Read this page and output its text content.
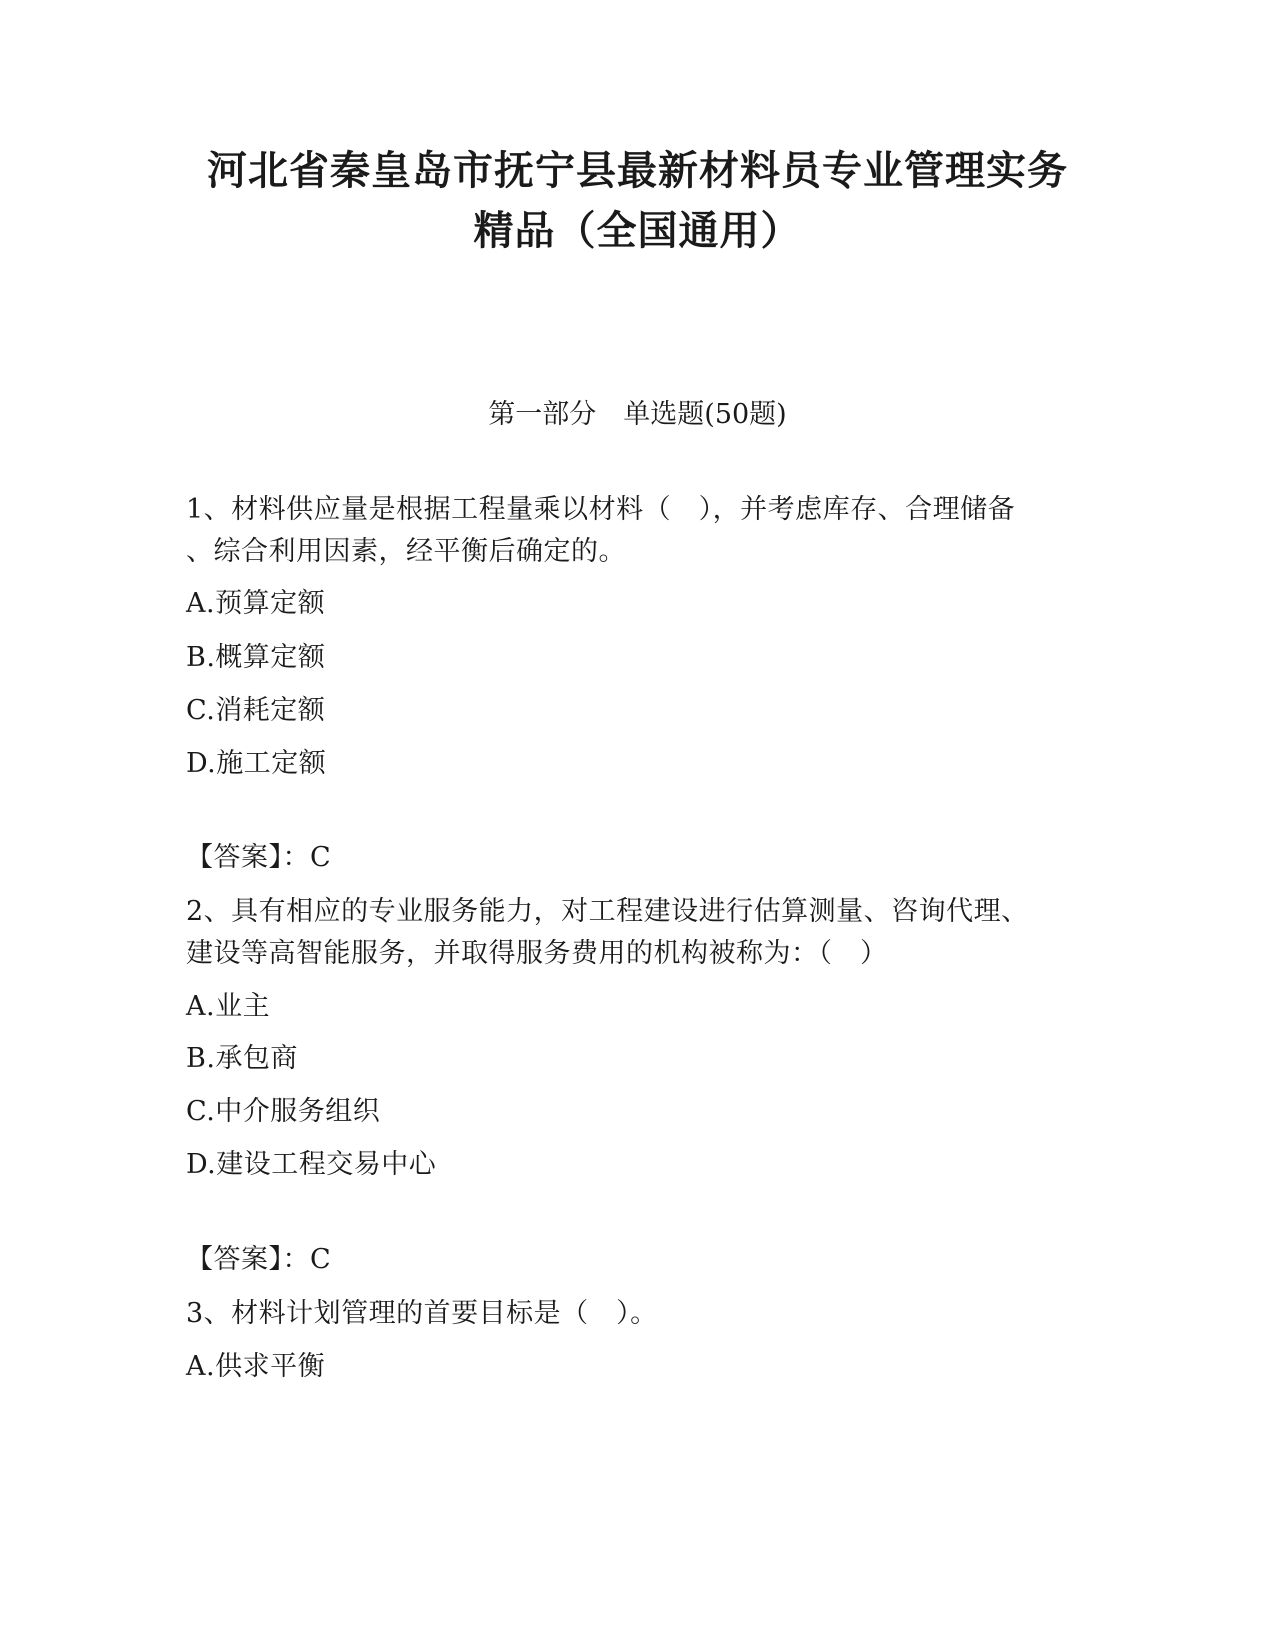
河北省秦皇岛市抚宁县最新材料员专业管理实务
精品（全国通用）
第一部分　单选题(50题)
1、材料供应量是根据工程量乘以材料（　），并考虑库存、合理储备
、综合利用因素，经平衡后确定的。
A.预算定额
B.概算定额
C.消耗定额
D.施工定额
【答案】：C
2、具有相应的专业服务能力，对工程建设进行估算测量、咨询代理、
建设等高智能服务，并取得服务费用的机构被称为：（　）
A.业主
B.承包商
C.中介服务组织
D.建设工程交易中心
【答案】：C
3、材料计划管理的首要目标是（　）。
A.供求平衡
